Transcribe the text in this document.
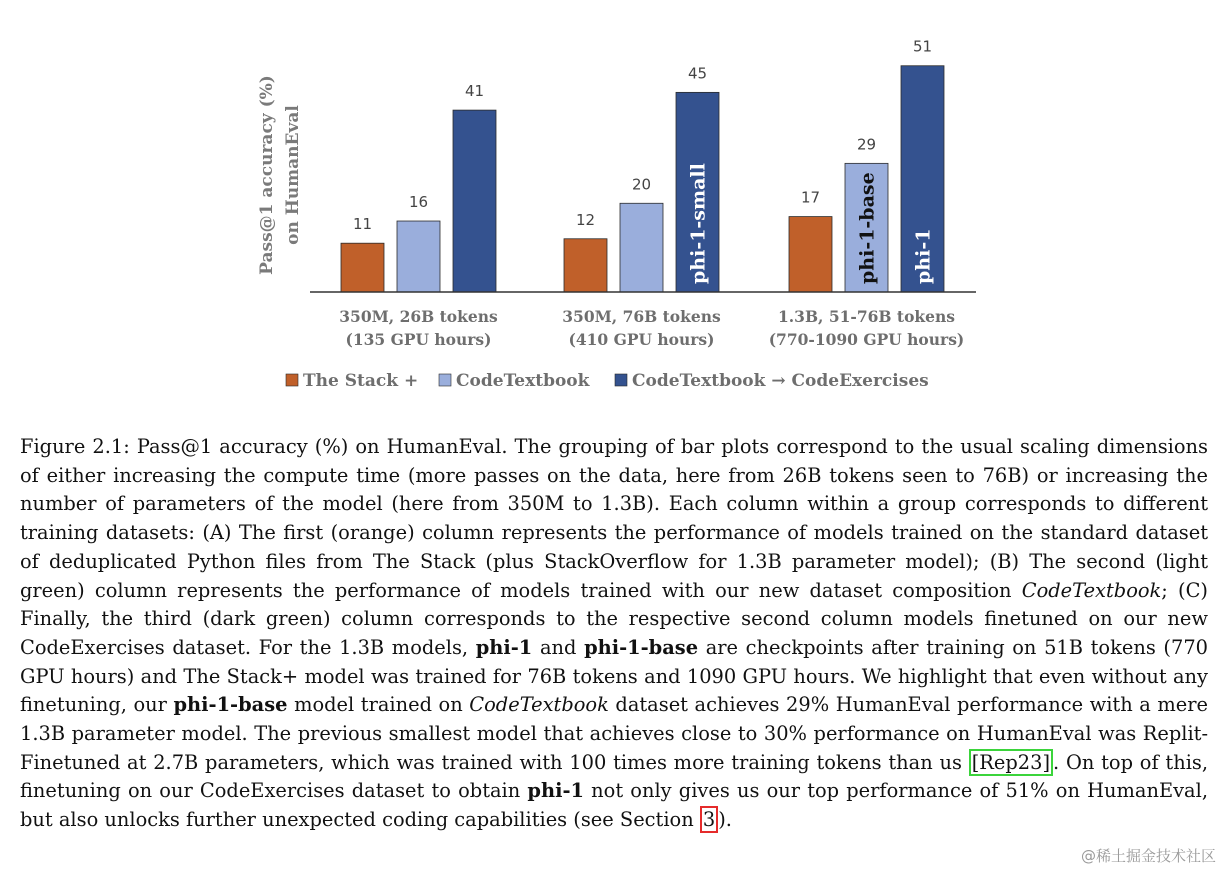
Pass@1 accuracy (%) on HumanEval	11	12
17
16
20
29
phi-1-base
41
45
phi-1-small
51
phi-1
350M, 26B tokens
(135 GPU hours)
350M, 76B tokens
(410 GPU hours)
1.3B, 51-76B tokens
(770-1090 GPU hours)
The Stack + CodeTextbook	CodeTextbook → CodeExercises
Figure 2.1: Pass@1 accuracy (%) on HumanEval. The grouping of bar plots correspond to the usual scaling dimensions of either increasing the compute time (more passes on the data, here from 26B tokens seen to 76B) or increasing the number of parameters of the model (here from 350M to 1.3B). Each column within a group corresponds to different training datasets: (A) The first (orange) column represents the performance of models trained on the standard dataset of deduplicated Python files from The Stack (plus StackOverflow for 1.3B parameter model); (B) The second (light green) column represents the performance of models trained with our new dataset composition CodeTextbook; (C) Finally, the third (dark green) column corresponds to the respective second column models finetuned on our new CodeExercises dataset. For the 1.3B models, phi-1 and phi-1-base are checkpoints after training on 51B tokens (770 GPU hours) and The Stack+ model was trained for 76B tokens and 1090 GPU hours. We highlight that even without any finetuning, our phi-1-base model trained on CodeTextbook dataset achieves 29% HumanEval performance with a mere 1.3B parameter model. The previous smallest model that achieves close to 30% performance on HumanEval was Replit-Finetuned at 2.7B parameters, which was trained with 100 times more training tokens than us [Rep23] . On top of this, finetuning on our CodeExercises dataset to obtain phi-1 not only gives us our top performance of 51% on HumanEval, but also unlocks further unexpected coding capabilities (see Section 3 ).
@稀土掘金技术社区
